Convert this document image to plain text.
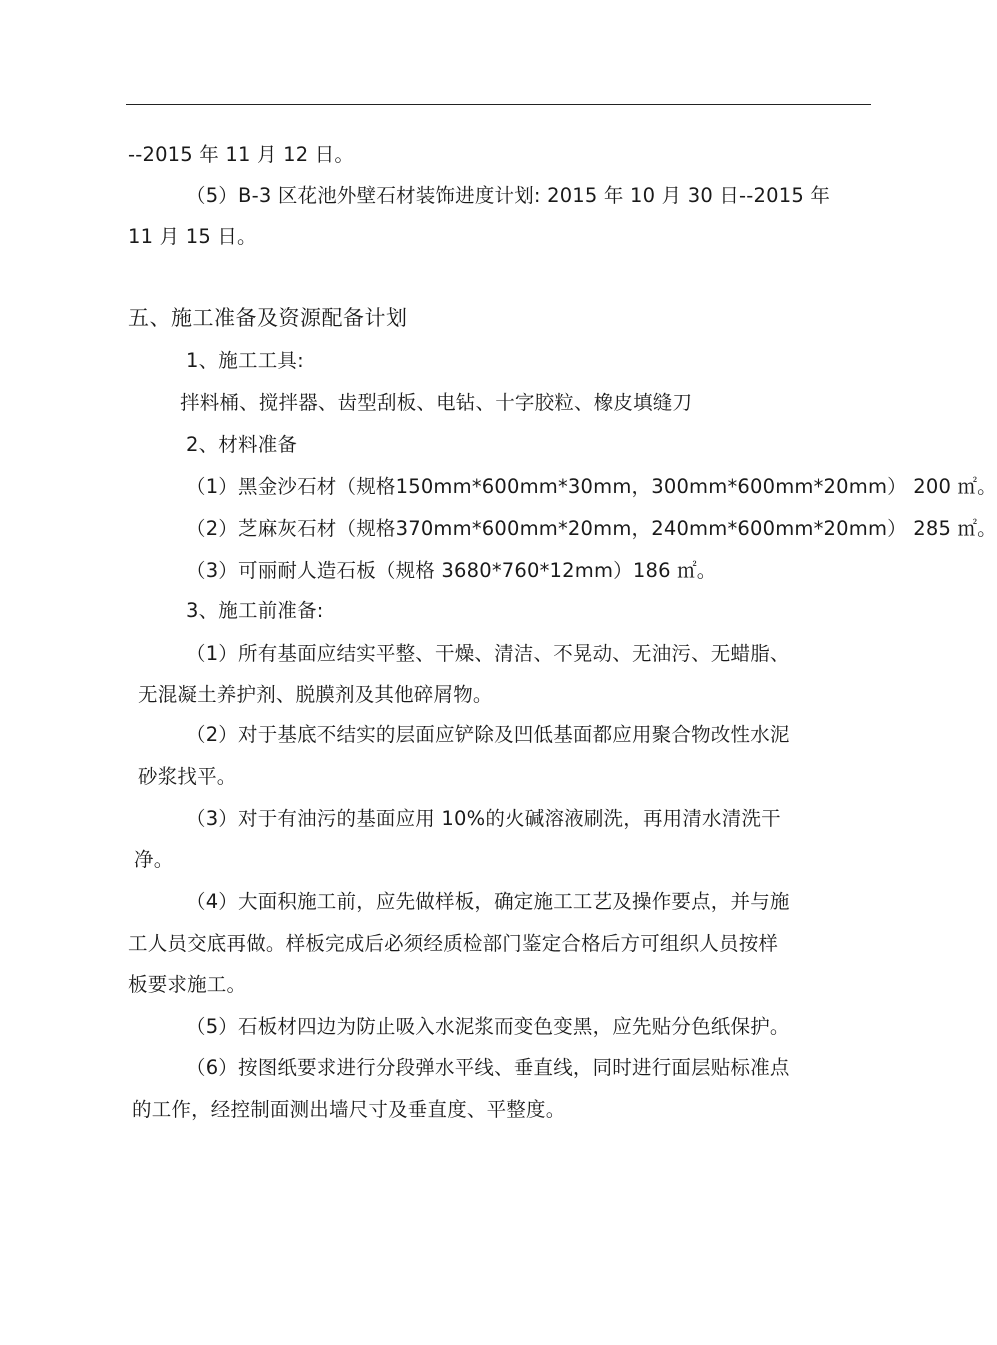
--2015 年 11 月 12 日。
（5）B-3 区花池外壁石材装饰进度计划: 2015 年 10 月 30 日--2015 年
11 月 15 日。
五、施工准备及资源配备计划
1、施工工具:
拌料桶、搅拌器、齿型刮板、电钻、十字胶粒、橡皮填缝刀
2、材料准备
（1）黑金沙石材（规格150mm*600mm*30mm，300mm*600mm*20mm） 200 ㎡。
（2）芝麻灰石材（规格370mm*600mm*20mm，240mm*600mm*20mm） 285 ㎡。
（3）可丽耐人造石板（规格 3680*760*12mm）186 ㎡。
3、施工前准备:
（1）所有基面应结实平整、干燥、清洁、不晃动、无油污、无蜡脂、
无混凝土养护剂、脱膜剂及其他碎屑物。
（2）对于基底不结实的层面应铲除及凹低基面都应用聚合物改性水泥
砂浆找平。
（3）对于有油污的基面应用 10%的火碱溶液刷洗，再用清水清洗干
净。
（4）大面积施工前，应先做样板，确定施工工艺及操作要点，并与施
工人员交底再做。样板完成后必须经质检部门鉴定合格后方可组织人员按样
板要求施工。
（5）石板材四边为防止吸入水泥浆而变色变黑，应先贴分色纸保护。
（6）按图纸要求进行分段弹水平线、垂直线，同时进行面层贴标准点
的工作，经控制面测出墙尺寸及垂直度、平整度。
